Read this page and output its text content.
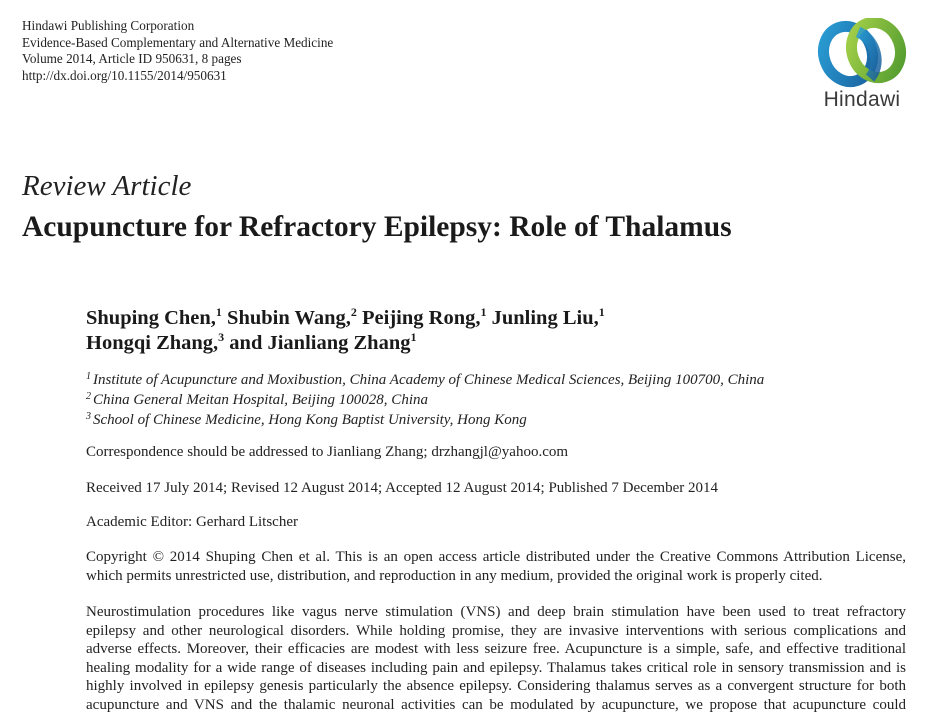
Hindawi Publishing Corporation
Evidence-Based Complementary and Alternative Medicine
Volume 2014, Article ID 950631, 8 pages
http://dx.doi.org/10.1155/2014/950631
Hindawi
Review Article
Acupuncture for Refractory Epilepsy: Role of Thalamus
Shuping Chen,$^1$ Shubin Wang,$^2$ Peijing Rong,$^1$ Junling Liu,$^1$
Hongqi Zhang,$^3$ and Jianliang Zhang$^1$
$^1$ Institute of Acupuncture and Moxibustion, China Academy of Chinese Medical Sciences, Beijing 100700, China
$^2$ China General Meitan Hospital, Beijing 100028, China
$^3$ School of Chinese Medicine, Hong Kong Baptist University, Hong Kong
Correspondence should be addressed to Jianliang Zhang; drzhangjl@yahoo.com
Received 17 July 2014; Revised 12 August 2014; Accepted 12 August 2014; Published 7 December 2014
Academic Editor: Gerhard Litscher
Copyright © 2014 Shuping Chen et al. This is an open access article distributed under the Creative Commons Attribution License,
which permits unrestricted use, distribution, and reproduction in any medium, provided the original work is properly cited.
Neurostimulation procedures like vagus nerve stimulation (VNS) and deep brain stimulation have been used to treat refractory
epilepsy and other neurological disorders. While holding promise, they are invasive interventions with serious complications and
adverse effects. Moreover, their efficacies are modest with less seizure free. Acupuncture is a simple, safe, and effective traditional
healing modality for a wide range of diseases including pain and epilepsy. Thalamus takes critical role in sensory transmission and is
highly involved in epilepsy genesis particularly the absence epilepsy. Considering thalamus serves as a convergent structure for both
acupuncture and VNS and the thalamic neuronal activities can be modulated by acupuncture, we propose that acupuncture could
